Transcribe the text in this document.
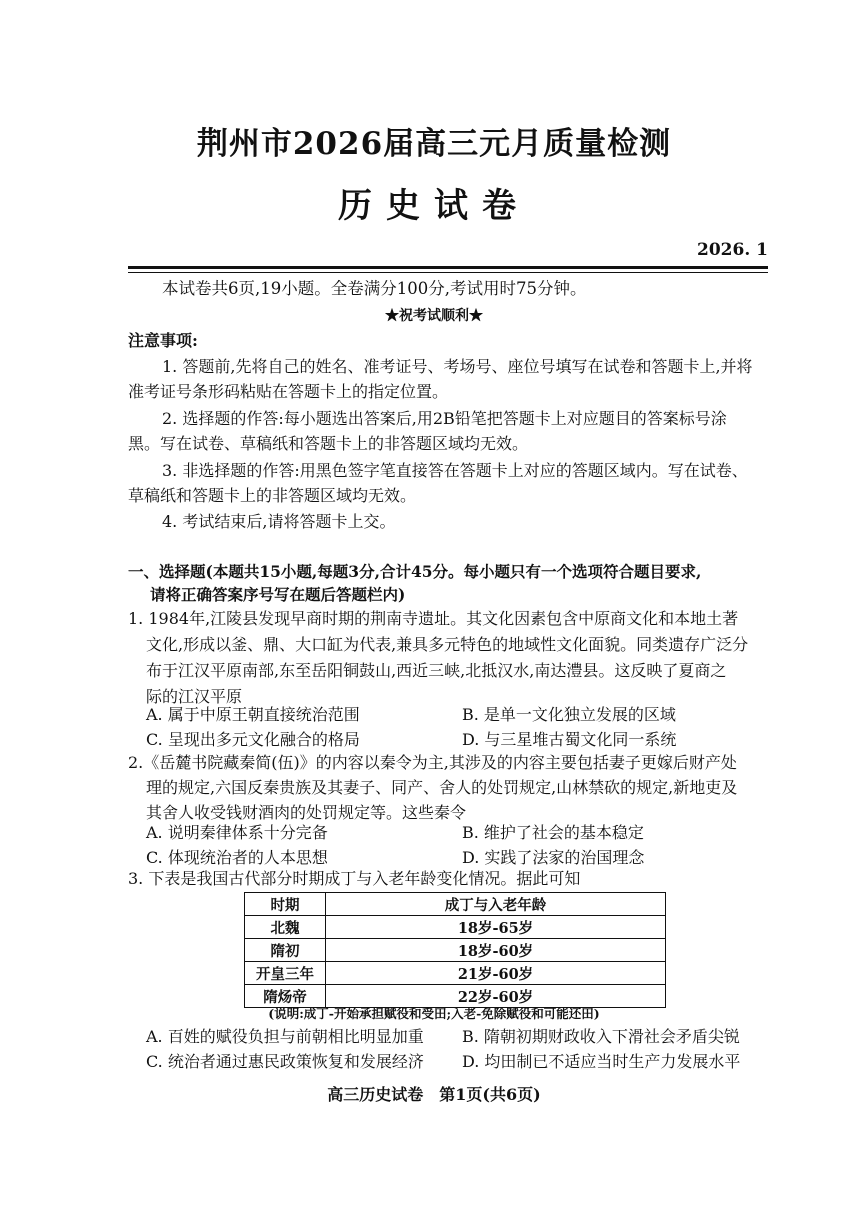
荆州市2026届高三元月质量检测
历史试卷
2026. 1
本试卷共6页,19小题。全卷满分100分,考试用时75分钟。
★祝考试顺利★
注意事项:
1. 答题前,先将自己的姓名、准考证号、考场号、座位号填写在试卷和答题卡上,并将
准考证号条形码粘贴在答题卡上的指定位置。
2. 选择题的作答:每小题选出答案后,用2B铅笔把答题卡上对应题目的答案标号涂
黑。写在试卷、草稿纸和答题卡上的非答题区域均无效。
3. 非选择题的作答:用黑色签字笔直接答在答题卡上对应的答题区域内。写在试卷、
草稿纸和答题卡上的非答题区域均无效。
4. 考试结束后,请将答题卡上交。
一、选择题(本题共15小题,每题3分,合计45分。每小题只有一个选项符合题目要求,
请将正确答案序号写在题后答题栏内)
1. 1984年,江陵县发现早商时期的荆南寺遗址。其文化因素包含中原商文化和本地土著
文化,形成以釜、鼎、大口缸为代表,兼具多元特色的地域性文化面貌。同类遗存广泛分
布于江汉平原南部,东至岳阳铜鼓山,西近三峡,北抵汉水,南达澧县。这反映了夏商之
际的江汉平原
A. 属于中原王朝直接统治范围	B. 是单一文化独立发展的区域
C. 呈现出多元文化融合的格局	D. 与三星堆古蜀文化同一系统
2.《岳麓书院藏秦简(伍)》的内容以秦令为主,其涉及的内容主要包括妻子更嫁后财产处
理的规定,六国反秦贵族及其妻子、同产、舍人的处罚规定,山林禁砍的规定,新地吏及
其舍人收受钱财酒肉的处罚规定等。这些秦令
A. 说明秦律体系十分完备	B. 维护了社会的基本稳定
C. 体现统治者的人本思想	D. 实践了法家的治国理念
3. 下表是我国古代部分时期成丁与入老年龄变化情况。据此可知
时期	成丁与入老年龄
北魏	18岁-65岁
隋初	18岁-60岁
开皇三年	21岁-60岁
隋炀帝	22岁-60岁
(说明:成丁-开始承担赋役和受田;入老-免除赋役和可能还田)
A. 百姓的赋役负担与前朝相比明显加重 B. 隋朝初期财政收入下滑社会矛盾尖锐
C. 统治者通过惠民政策恢复和发展经济 D. 均田制已不适应当时生产力发展水平
高三历史试卷　第1页(共6页)
